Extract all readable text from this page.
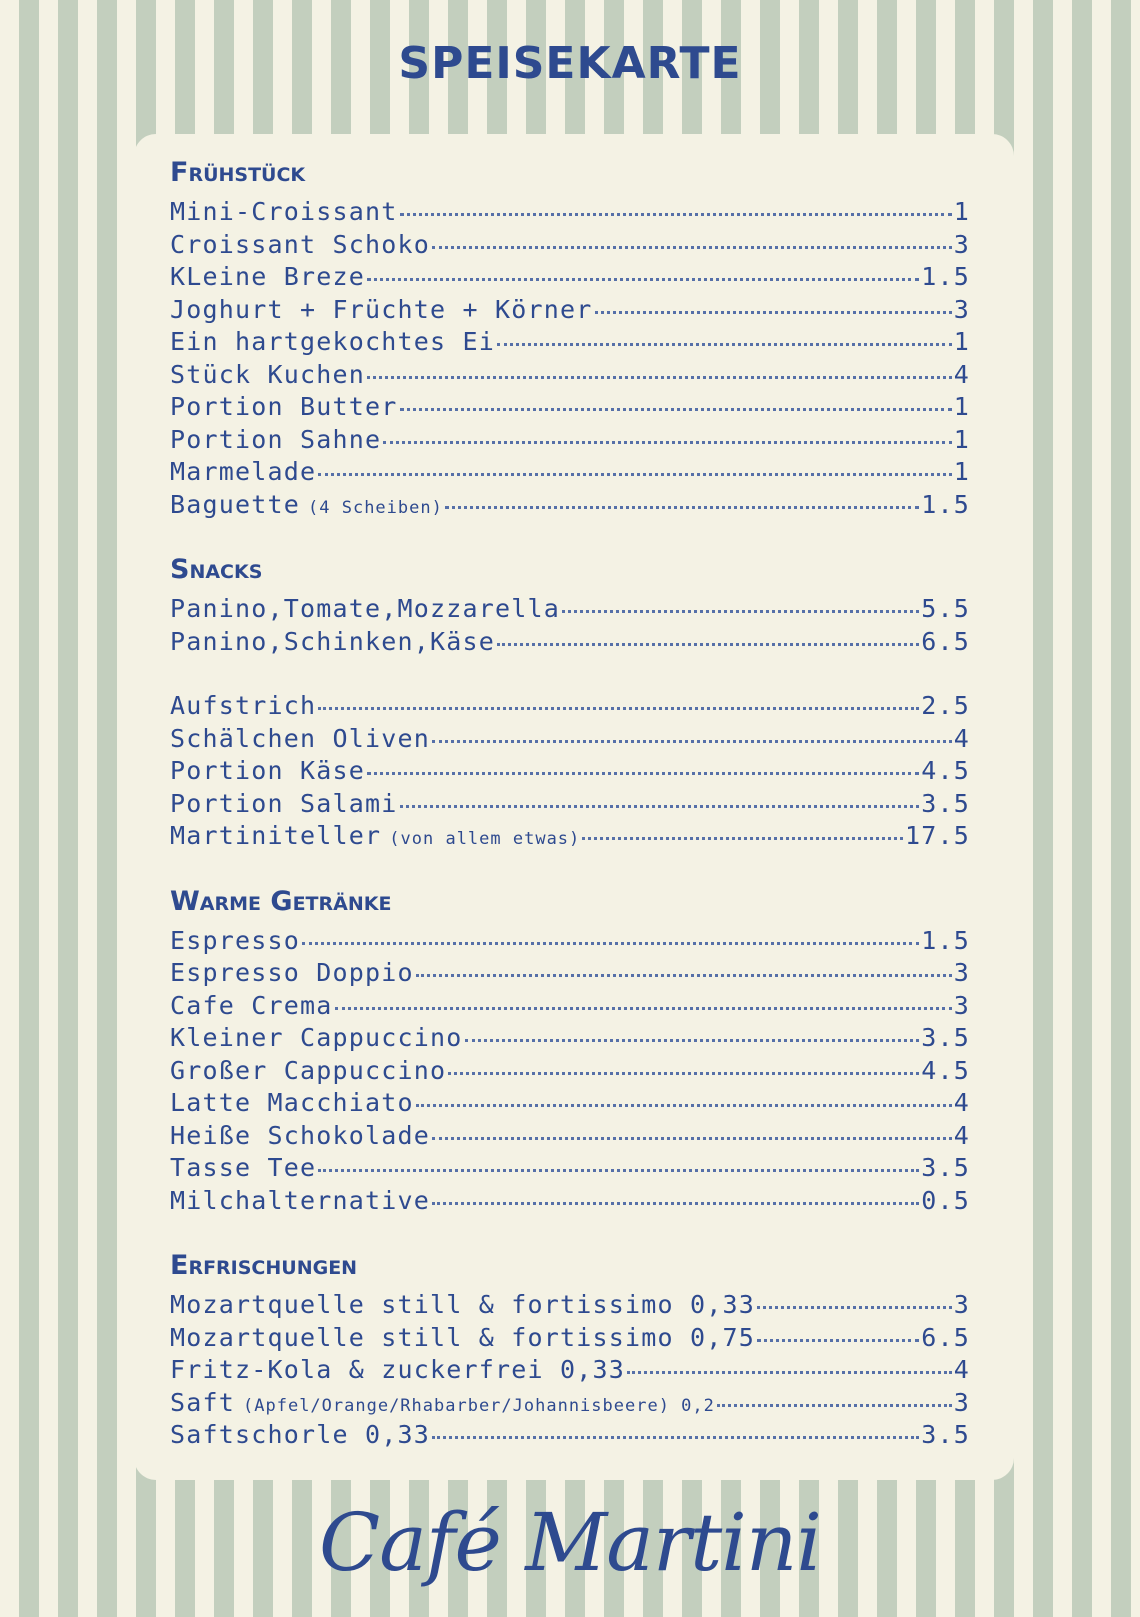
SPEISEKARTE
Frühstück
Mini-Croissant	1
Croissant Schoko	3
KLeine Breze	1.5
Joghurt + Früchte + Körner	3
Ein hartgekochtes Ei	1
Stück Kuchen	4
Portion Butter	1
Portion Sahne	1
Marmelade	1
Baguette (4 Scheiben)	1.5
Snacks
Panino,Tomate,Mozzarella	5.5
Panino,Schinken,Käse	6.5
Aufstrich	2.5
Schälchen Oliven	4
Portion Käse	4.5
Portion Salami	3.5
Martiniteller (von allem etwas)	17.5
Warme Getränke
Espresso	1.5
Espresso Doppio	3
Cafe Crema	3
Kleiner Cappuccino	3.5
Großer Cappuccino	4.5
Latte Macchiato	4
Heiße Schokolade	4
Tasse Tee	3.5
Milchalternative	0.5
Erfrischungen
Mozartquelle still & fortissimo 0,33	3
Mozartquelle still & fortissimo 0,75	6.5
Fritz-Kola & zuckerfrei 0,33	4
Saft (Apfel/Orange/Rhabarber/Johannisbeere) 0,2	3
Saftschorle 0,33	3.5
Café Martini
